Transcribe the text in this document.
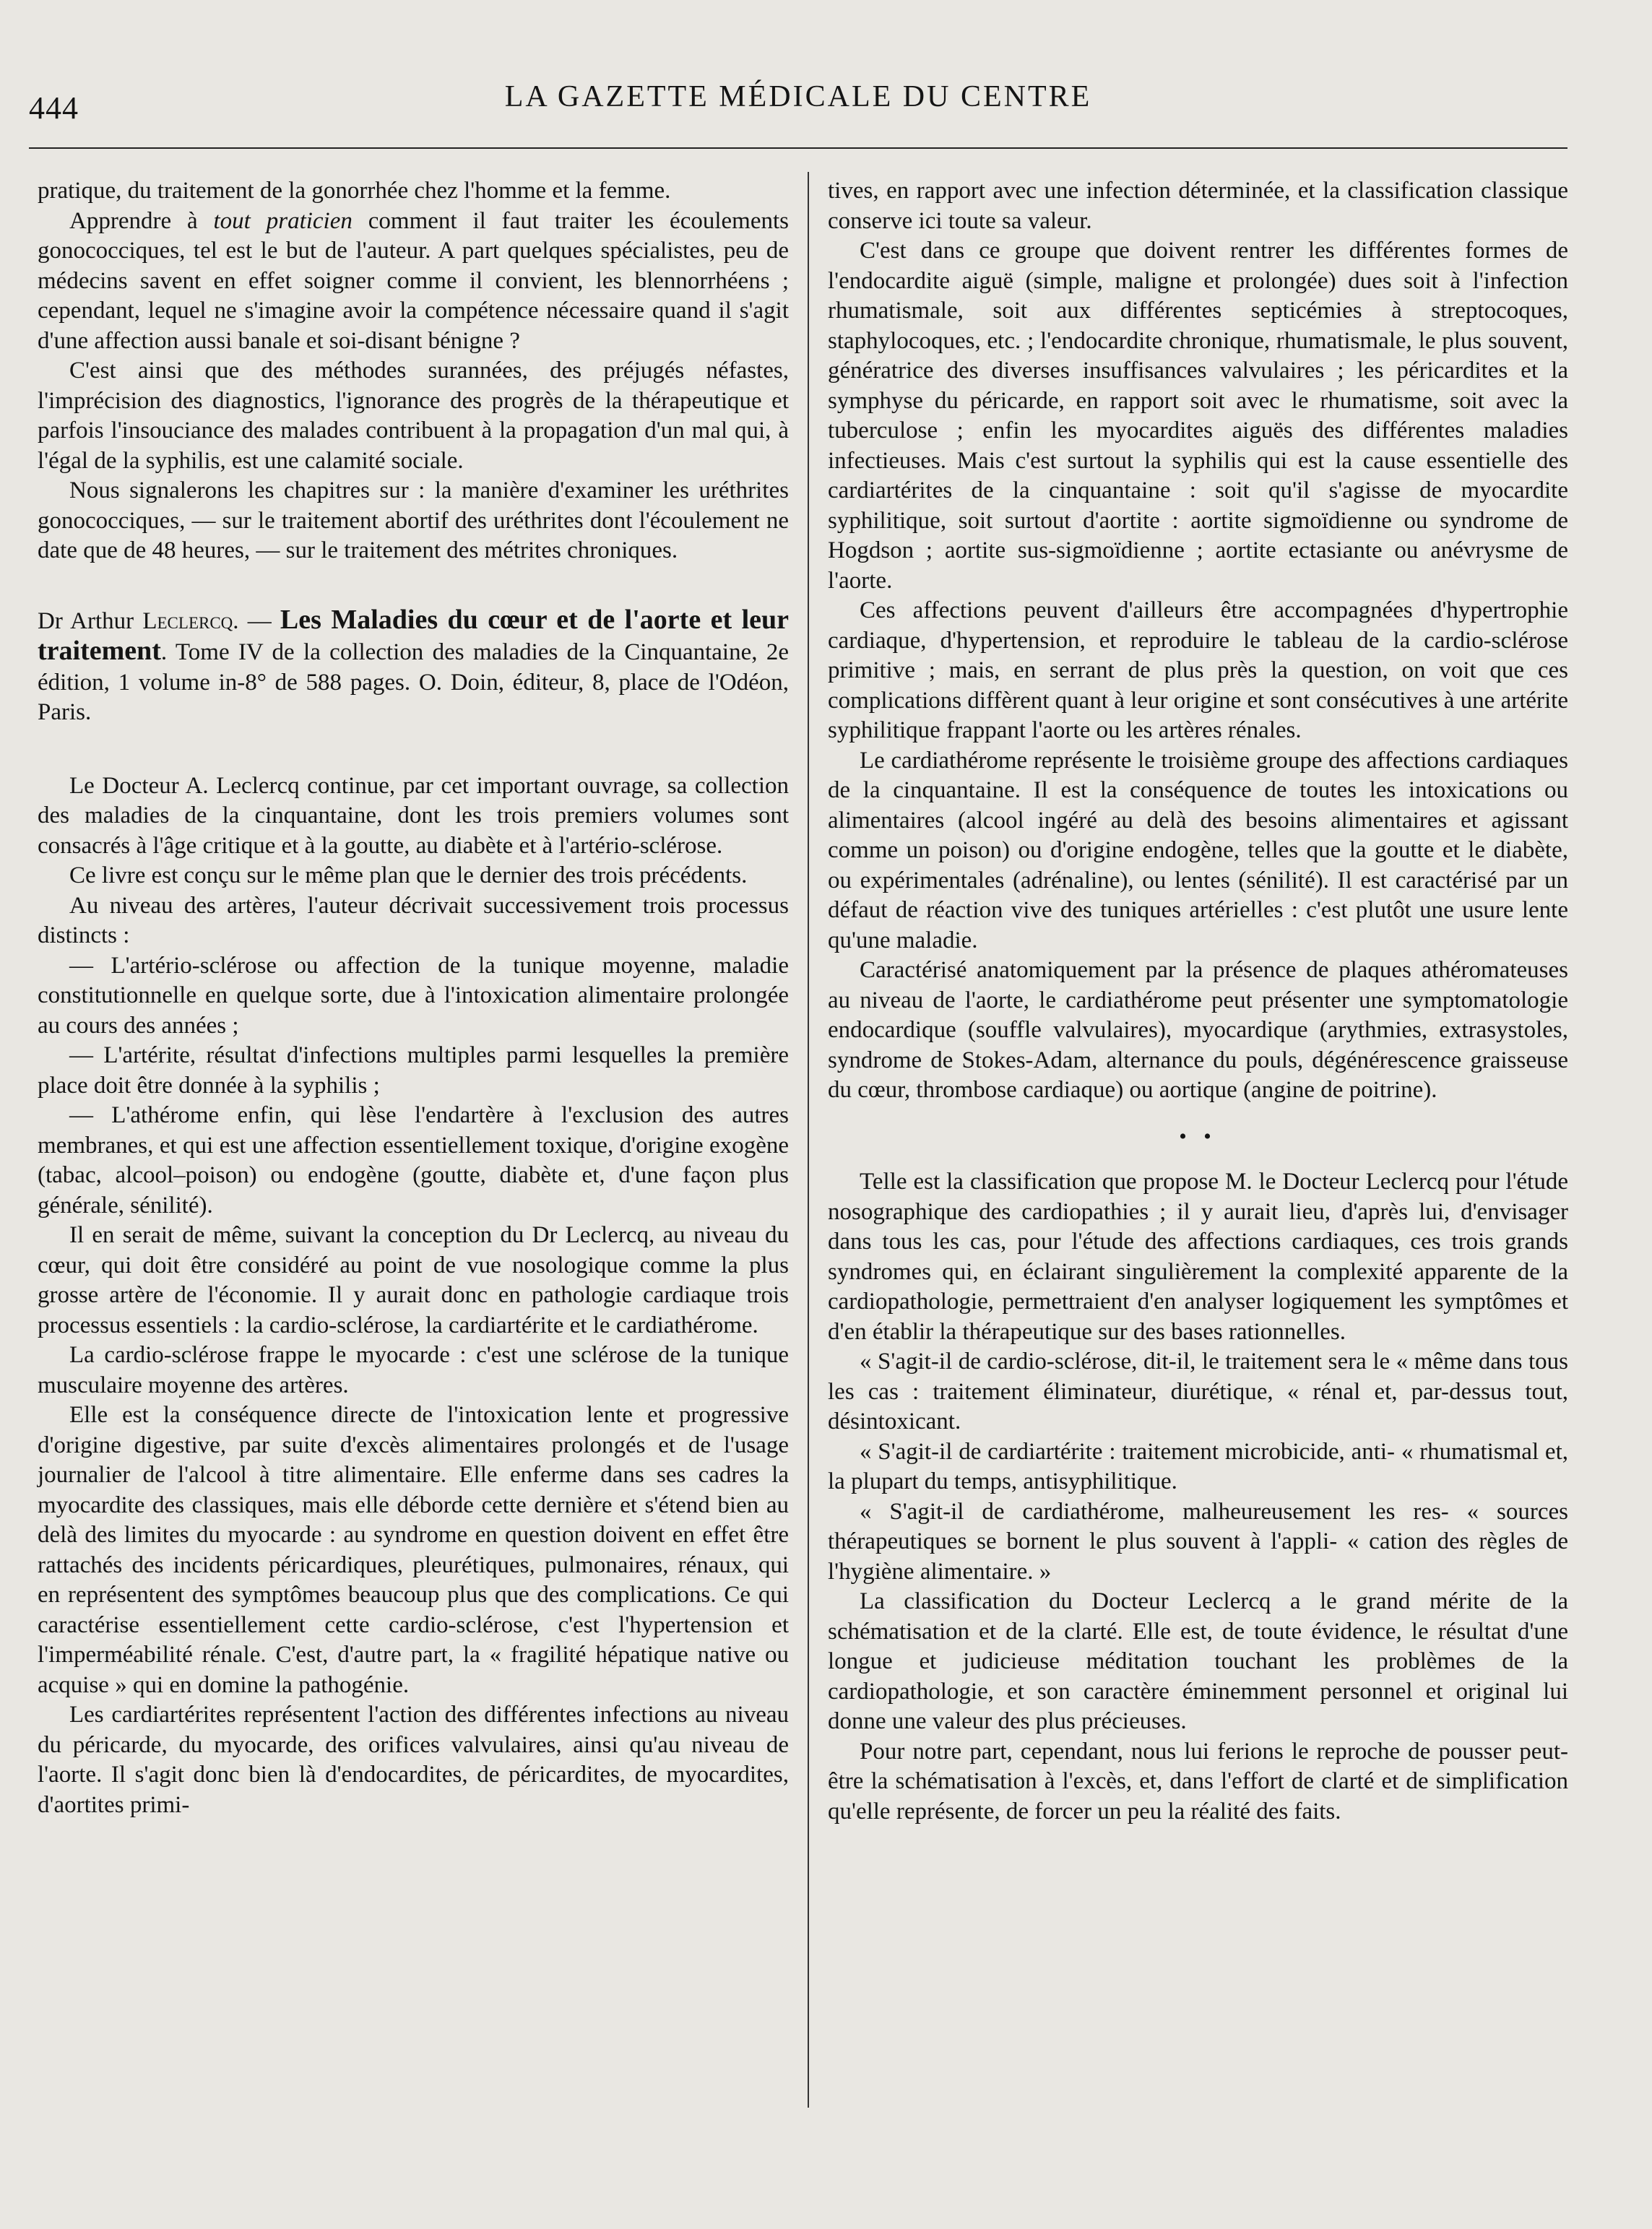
444	LA GAZETTE MÉDICALE DU CENTRE

pratique, du traitement de la gonorrhée chez l'homme et la femme.

Apprendre à tout praticien comment il faut traiter les écoulements gonococciques, tel est le but de l'auteur. A part quelques spécialistes, peu de médecins savent en effet soigner comme il convient, les blennorrhéens ; cependant, lequel ne s'imagine avoir la compétence nécessaire quand il s'agit d'une affection aussi banale et soi-disant bénigne ?

C'est ainsi que des méthodes surannées, des préjugés néfastes, l'imprécision des diagnostics, l'ignorance des progrès de la thérapeutique et parfois l'insouciance des malades contribuent à la propagation d'un mal qui, à l'égal de la syphilis, est une calamité sociale.

Nous signalerons les chapitres sur : la manière d'examiner les uréthrites gonococciques, — sur le traitement abortif des uréthrites dont l'écoulement ne date que de 48 heures, — sur le traitement des métrites chroniques.

Dr Arthur Leclercq. — Les Maladies du cœur et de l'aorte et leur traitement. Tome IV de la collection des maladies de la Cinquantaine, 2e édition, 1 volume in-8° de 588 pages. O. Doin, éditeur, 8, place de l'Odéon, Paris.

Le Docteur A. Leclercq continue, par cet important ouvrage, sa collection des maladies de la cinquantaine, dont les trois premiers volumes sont consacrés à l'âge critique et à la goutte, au diabète et à l'artério-sclérose.

Ce livre est conçu sur le même plan que le dernier des trois précédents.

Au niveau des artères, l'auteur décrivait successivement trois processus distincts :

— L'artério-sclérose ou affection de la tunique moyenne, maladie constitutionnelle en quelque sorte, due à l'intoxication alimentaire prolongée au cours des années ;

— L'artérite, résultat d'infections multiples parmi lesquelles la première place doit être donnée à la syphilis ;

— L'athérome enfin, qui lèse l'endartère à l'exclusion des autres membranes, et qui est une affection essentiellement toxique, d'origine exogène (tabac, alcool–poison) ou endogène (goutte, diabète et, d'une façon plus générale, sénilité).

Il en serait de même, suivant la conception du Dr Leclercq, au niveau du cœur, qui doit être considéré au point de vue nosologique comme la plus grosse artère de l'économie. Il y aurait donc en pathologie cardiaque trois processus essentiels : la cardio-sclérose, la cardiartérite et le cardiathérome.

La cardio-sclérose frappe le myocarde : c'est une sclérose de la tunique musculaire moyenne des artères.

Elle est la conséquence directe de l'intoxication lente et progressive d'origine digestive, par suite d'excès alimentaires prolongés et de l'usage journalier de l'alcool à titre alimentaire. Elle enferme dans ses cadres la myocardite des classiques, mais elle déborde cette dernière et s'étend bien au delà des limites du myocarde : au syndrome en question doivent en effet être rattachés des incidents péricardiques, pleurétiques, pulmonaires, rénaux, qui en représentent des symptômes beaucoup plus que des complications. Ce qui caractérise essentiellement cette cardio-sclérose, c'est l'hypertension et l'imperméabilité rénale. C'est, d'autre part, la « fragilité hépatique native ou acquise » qui en domine la pathogénie.

Les cardiartérites représentent l'action des différentes infections au niveau du péricarde, du myocarde, des orifices valvulaires, ainsi qu'au niveau de l'aorte. Il s'agit donc bien là d'endocardites, de péricardites, de myocardites, d'aortites primi-

tives, en rapport avec une infection déterminée, et la classification classique conserve ici toute sa valeur.

C'est dans ce groupe que doivent rentrer les différentes formes de l'endocardite aiguë (simple, maligne et prolongée) dues soit à l'infection rhumatismale, soit aux différentes septicémies à streptocoques, staphylocoques, etc. ; l'endocardite chronique, rhumatismale, le plus souvent, génératrice des diverses insuffisances valvulaires ; les péricardites et la symphyse du péricarde, en rapport soit avec le rhumatisme, soit avec la tuberculose ; enfin les myocardites aiguës des différentes maladies infectieuses. Mais c'est surtout la syphilis qui est la cause essentielle des cardiartérites de la cinquantaine : soit qu'il s'agisse de myocardite syphilitique, soit surtout d'aortite : aortite sigmoïdienne ou syndrome de Hogdson ; aortite sus-sigmoïdienne ; aortite ectasiante ou anévrysme de l'aorte.

Ces affections peuvent d'ailleurs être accompagnées d'hypertrophie cardiaque, d'hypertension, et reproduire le tableau de la cardio-sclérose primitive ; mais, en serrant de plus près la question, on voit que ces complications diffèrent quant à leur origine et sont consécutives à une artérite syphilitique frappant l'aorte ou les artères rénales.

Le cardiathérome représente le troisième groupe des affections cardiaques de la cinquantaine. Il est la conséquence de toutes les intoxications ou alimentaires (alcool ingéré au delà des besoins alimentaires et agissant comme un poison) ou d'origine endogène, telles que la goutte et le diabète, ou expérimentales (adrénaline), ou lentes (sénilité). Il est caractérisé par un défaut de réaction vive des tuniques artérielles : c'est plutôt une usure lente qu'une maladie.

Caractérisé anatomiquement par la présence de plaques athéromateuses au niveau de l'aorte, le cardiathérome peut présenter une symptomatologie endocardique (souffle valvulaires), myocardique (arythmies, extrasystoles, syndrome de Stokes-Adam, alternance du pouls, dégénérescence graisseuse du cœur, thrombose cardiaque) ou aortique (angine de poitrine).

• •

Telle est la classification que propose M. le Docteur Leclercq pour l'étude nosographique des cardiopathies ; il y aurait lieu, d'après lui, d'envisager dans tous les cas, pour l'étude des affections cardiaques, ces trois grands syndromes qui, en éclairant singulièrement la complexité apparente de la cardiopathologie, permettraient d'en analyser logiquement les symptômes et d'en établir la thérapeutique sur des bases rationnelles.

« S'agit-il de cardio-sclérose, dit-il, le traitement sera le « même dans tous les cas : traitement éliminateur, diurétique, « rénal et, par-dessus tout, désintoxicant.

« S'agit-il de cardiartérite : traitement microbicide, anti- « rhumatismal et, la plupart du temps, antisyphilitique.

« S'agit-il de cardiathérome, malheureusement les res- « sources thérapeutiques se bornent le plus souvent à l'appli- « cation des règles de l'hygiène alimentaire. »

La classification du Docteur Leclercq a le grand mérite de la schématisation et de la clarté. Elle est, de toute évidence, le résultat d'une longue et judicieuse méditation touchant les problèmes de la cardiopathologie, et son caractère éminemment personnel et original lui donne une valeur des plus précieuses.

Pour notre part, cependant, nous lui ferions le reproche de pousser peut-être la schématisation à l'excès, et, dans l'effort de clarté et de simplification qu'elle représente, de forcer un peu la réalité des faits.
